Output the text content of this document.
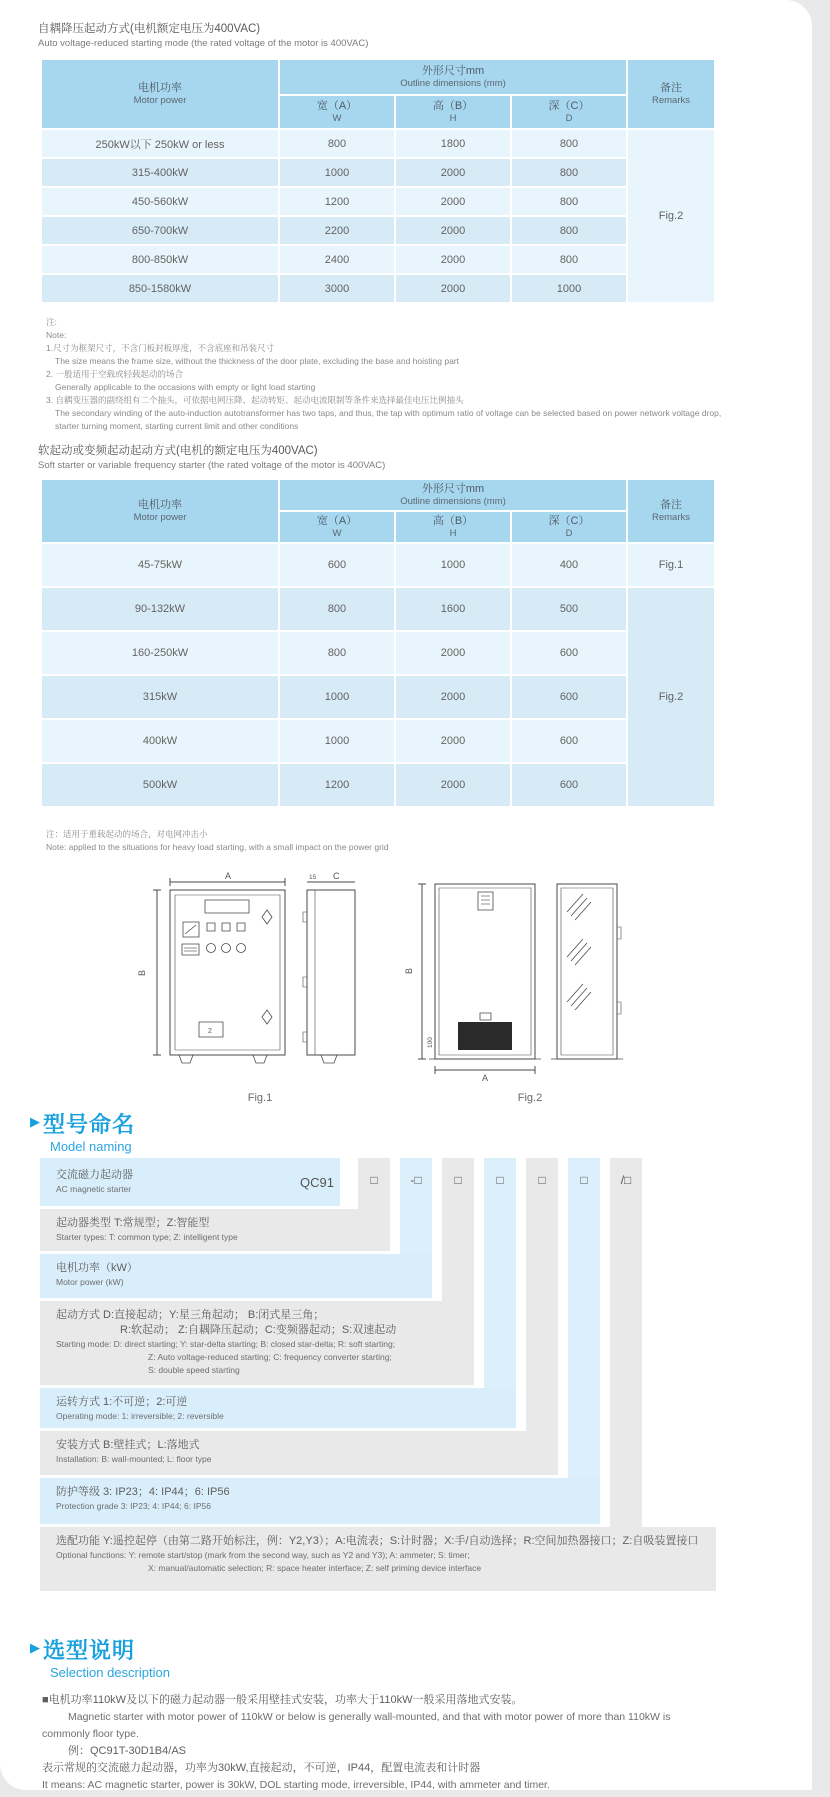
自耦降压起动方式(电机额定电压为400VAC)
Auto voltage-reduced starting mode (the rated voltage of the motor is 400VAC)
电机功率
Motor power

外形尺寸mm
Outline dimensions (mm)	备注
Remarks

宽（A）
W

高（B）
H

深（C）
D

250kW以下 250kW or less	800	1800	800	Fig.2
315-400kW	1000	2000	800	
450-560kW	1200	2000	800	
650-700kW	2200	2000	800	
800-850kW	2400	2000	800	
850-1580kW	3000	2000	1000	
注:
Note:
1.尺寸为框架尺寸，不含门板封板厚度，不含底座和吊装尺寸
The size means the frame size, without the thickness of the door plate, excluding the base and hoisting part
2. 一般适用于空载或轻载起动的场合
Generally applicable to the occasions with empty or light load starting
3. 自耦变压器的副绕组有二个抽头，可依据电网压降、起动转矩、起动电流限制等条件来选择最佳电压比例抽头
The secondary winding of the auto-induction autotransformer has two taps, and thus, the tap with optimum ratio of voltage can be selected based on power network voltage drop,
starter turning moment, starting current limit and other conditions
软起动或变频起动起动方式(电机的额定电压为400VAC)
Soft starter or variable frequency starter (the rated voltage of the motor is 400VAC)
电机功率
Motor power

外形尺寸mm
Outline dimensions (mm)	备注
Remarks

宽（A）
W

高（B）
H

深（C）
D

45-75kW	600	1000	400	Fig.1
90-132kW	800	1600	500	Fig.2
160-250kW	800	2000	600	
315kW	1000	2000	600	
400kW	1000	2000	600	
500kW	1200	2000	600	
注：适用于重载起动的场合，对电网冲击小
Note: applied to the situations for heavy load starting, with a small impact on the power grid
A
B
15 C
2
B
A
100
Fig.1	Fig.2
▶ 型号命名
Model naming
□	-□	□	□	□	□	/□
交流磁力起动器
AC magnetic starter	QC91
起动器类型 T:常规型；Z:智能型
Starter types: T: common type; Z: intelligent type
电机功率（kW）
Motor power (kW)
起动方式 D:直接起动；Y:星三角起动； B:闭式星三角；
R:软起动； Z:自耦降压起动；C:变频器起动；S:双速起动
Starting mode: D: direct starting; Y: star-delta starting; B: closed star-delta; R: soft starting;
Z: Auto voltage-reduced starting; C: frequency converter starting;
S: double speed starting
运转方式 1:不可逆；2:可逆
Operating mode: 1: irreversible; 2: reversible
安装方式 B:壁挂式；L:落地式
Installation: B: wall-mounted; L: floor type
防护等级 3: IP23；4: IP44；6: IP56
Protection grade 3: IP23; 4: IP44; 6: IP56
选配功能 Y:遥控起停（由第二路开始标注，例：Y2,Y3）；A:电流表；S:计时器；X:手/自动选择；R:空间加热器接口；Z:自吸装置接口
Optional functions: Y: remote start/stop (mark from the second way, such as Y2 and Y3); A: ammeter; S: timer;
X: manual/automatic selection; R: space heater interface; Z: self priming device interface
▶ 选型说明
Selection description
■电机功率110kW及以下的磁力起动器一般采用壁挂式安装，功率大于110kW一般采用落地式安装。
Magnetic starter with motor power of 110kW or below is generally wall-mounted, and that with motor power of more than 110kW is commonly floor type.
例：QC91T-30D1B4/AS
表示常规的交流磁力起动器，功率为30kW,直接起动，不可逆，IP44，配置电流表和计时器
It means: AC magnetic starter, power is 30kW, DOL starting mode, irreversible, IP44, with ammeter and timer.
